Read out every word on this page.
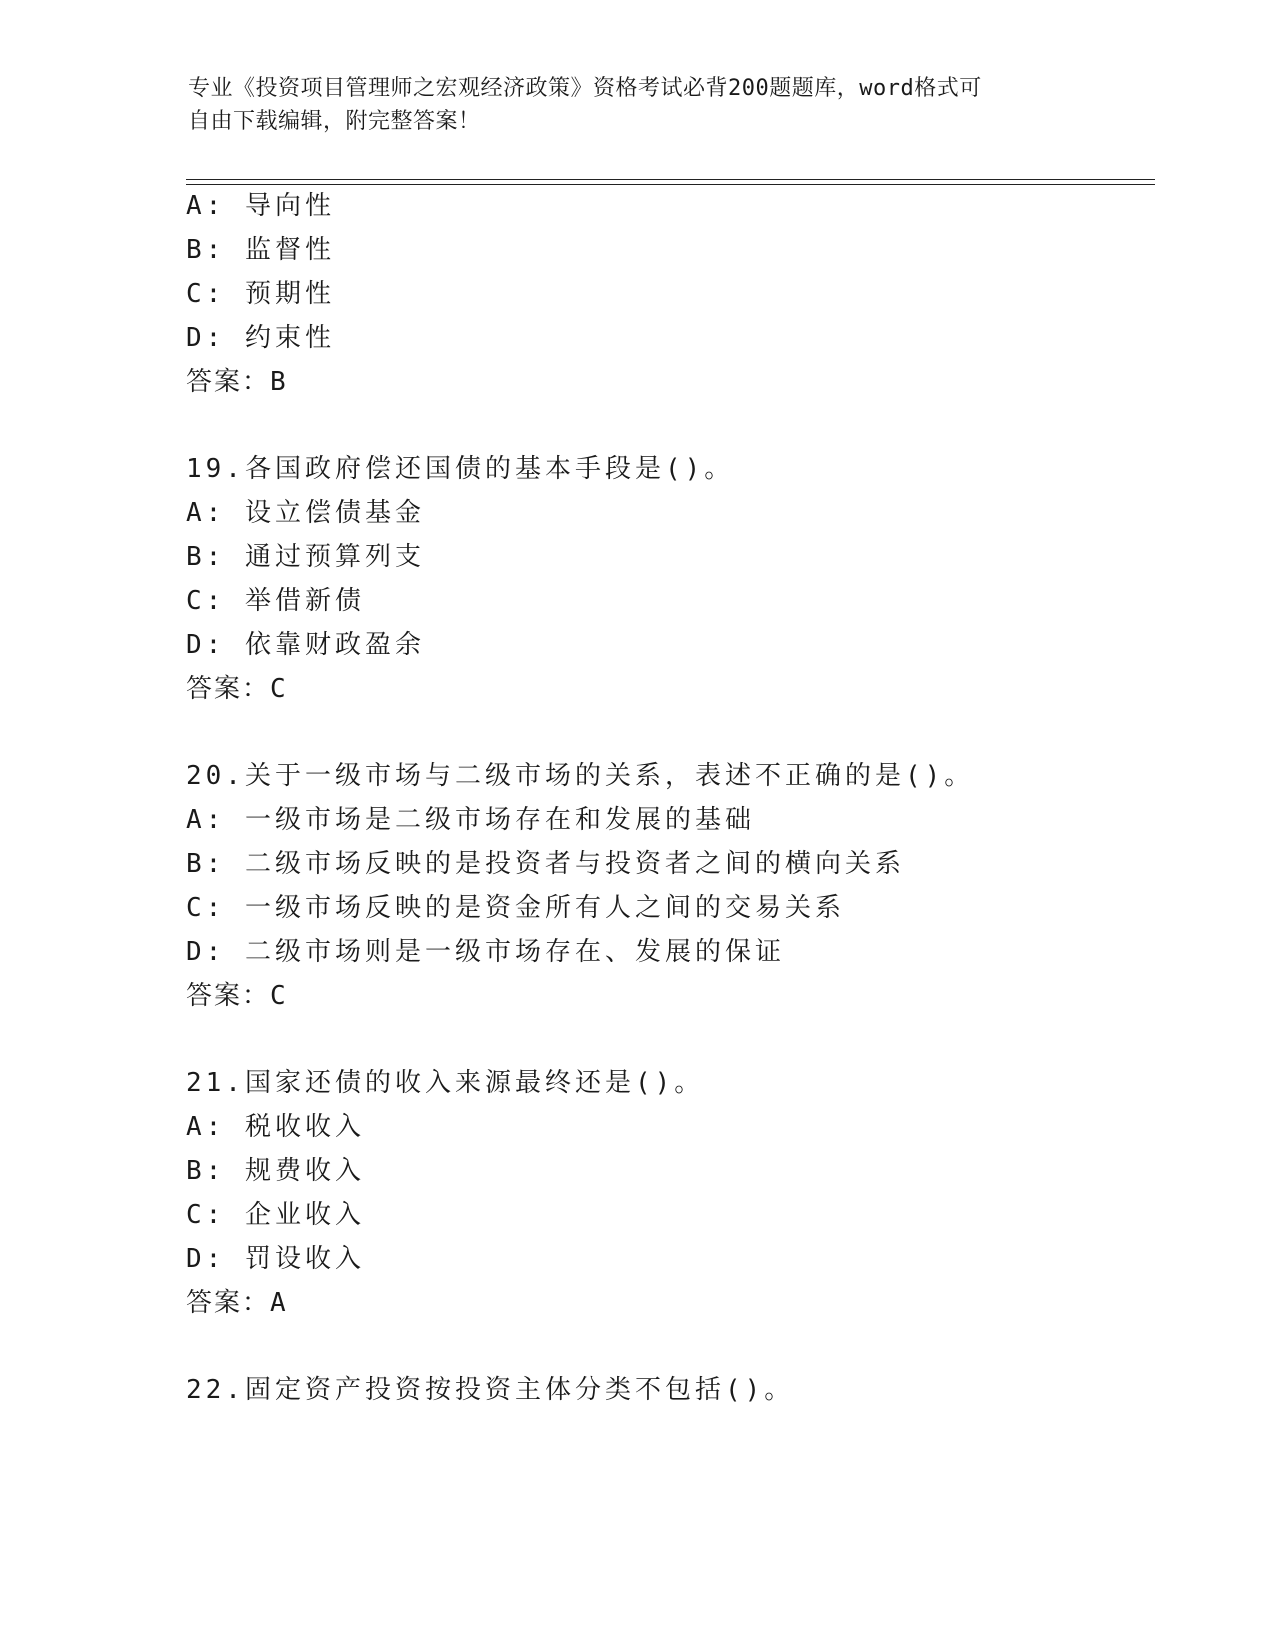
专业《投资项目管理师之宏观经济政策》资格考试必背200题题库，word格式可

自由下载编辑，附完整答案！

A: 导向性
B: 监督性
C: 预期性
D: 约束性
答案：B
19.各国政府偿还国债的基本手段是()。
A: 设立偿债基金
B: 通过预算列支
C: 举借新债
D: 依靠财政盈余
答案：C
20.关于一级市场与二级市场的关系，表述不正确的是()。
A: 一级市场是二级市场存在和发展的基础
B: 二级市场反映的是投资者与投资者之间的横向关系
C: 一级市场反映的是资金所有人之间的交易关系
D: 二级市场则是一级市场存在、发展的保证
答案：C
21.国家还债的收入来源最终还是()。
A: 税收收入
B: 规费收入
C: 企业收入
D: 罚设收入
答案：A
22.固定资产投资按投资主体分类不包括()。
